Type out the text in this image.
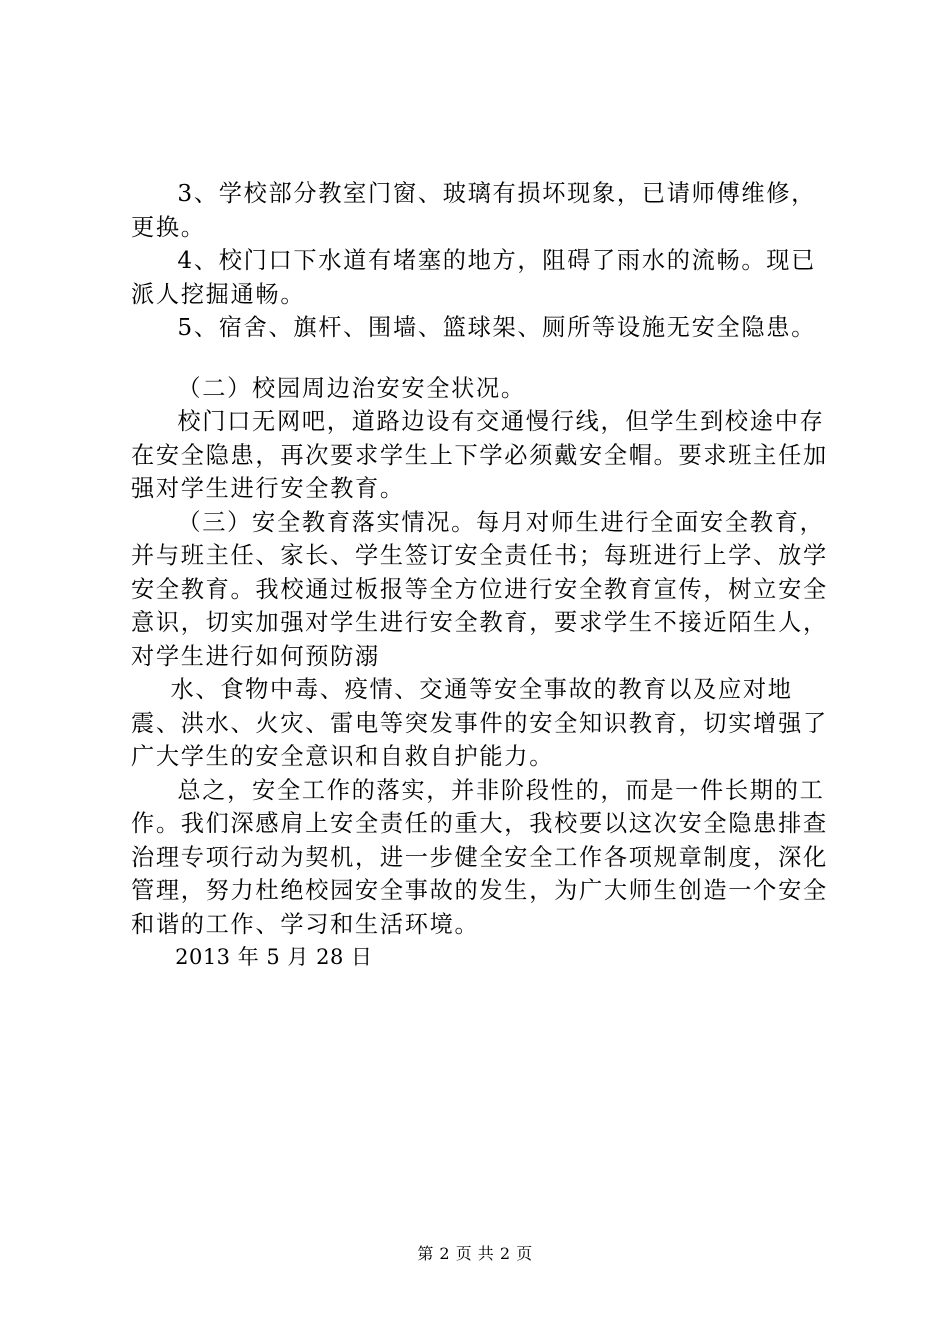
3、学校部分教室门窗、玻璃有损坏现象，已请师傅维修，更换。

4、校门口下水道有堵塞的地方，阻碍了雨水的流畅。现已派人挖掘通畅。

5、宿舍、旗杆、围墙、篮球架、厕所等设施无安全隐患。

（二）校园周边治安安全状况。

校门口无网吧，道路边设有交通慢行线，但学生到校途中存在安全隐患，再次要求学生上下学必须戴安全帽。要求班主任加强对学生进行安全教育。

（三）安全教育落实情况。每月对师生进行全面安全教育，并与班主任、家长、学生签订安全责任书；每班进行上学、放学安全教育。我校通过板报等全方位进行安全教育宣传，树立安全意识，切实加强对学生进行安全教育，要求学生不接近陌生人，对学生进行如何预防溺

水、食物中毒、疫情、交通等安全事故的教育以及应对地震、洪水、火灾、雷电等突发事件的安全知识教育，切实增强了广大学生的安全意识和自救自护能力。

总之，安全工作的落实，并非阶段性的，而是一件长期的工作。我们深感肩上安全责任的重大，我校要以这次安全隐患排查治理专项行动为契机，进一步健全安全工作各项规章制度，深化管理，努力杜绝校园安全事故的发生，为广大师生创造一个安全和谐的工作、学习和生活环境。

2013 年 5 月 28 日

第 2 页 共 2 页
